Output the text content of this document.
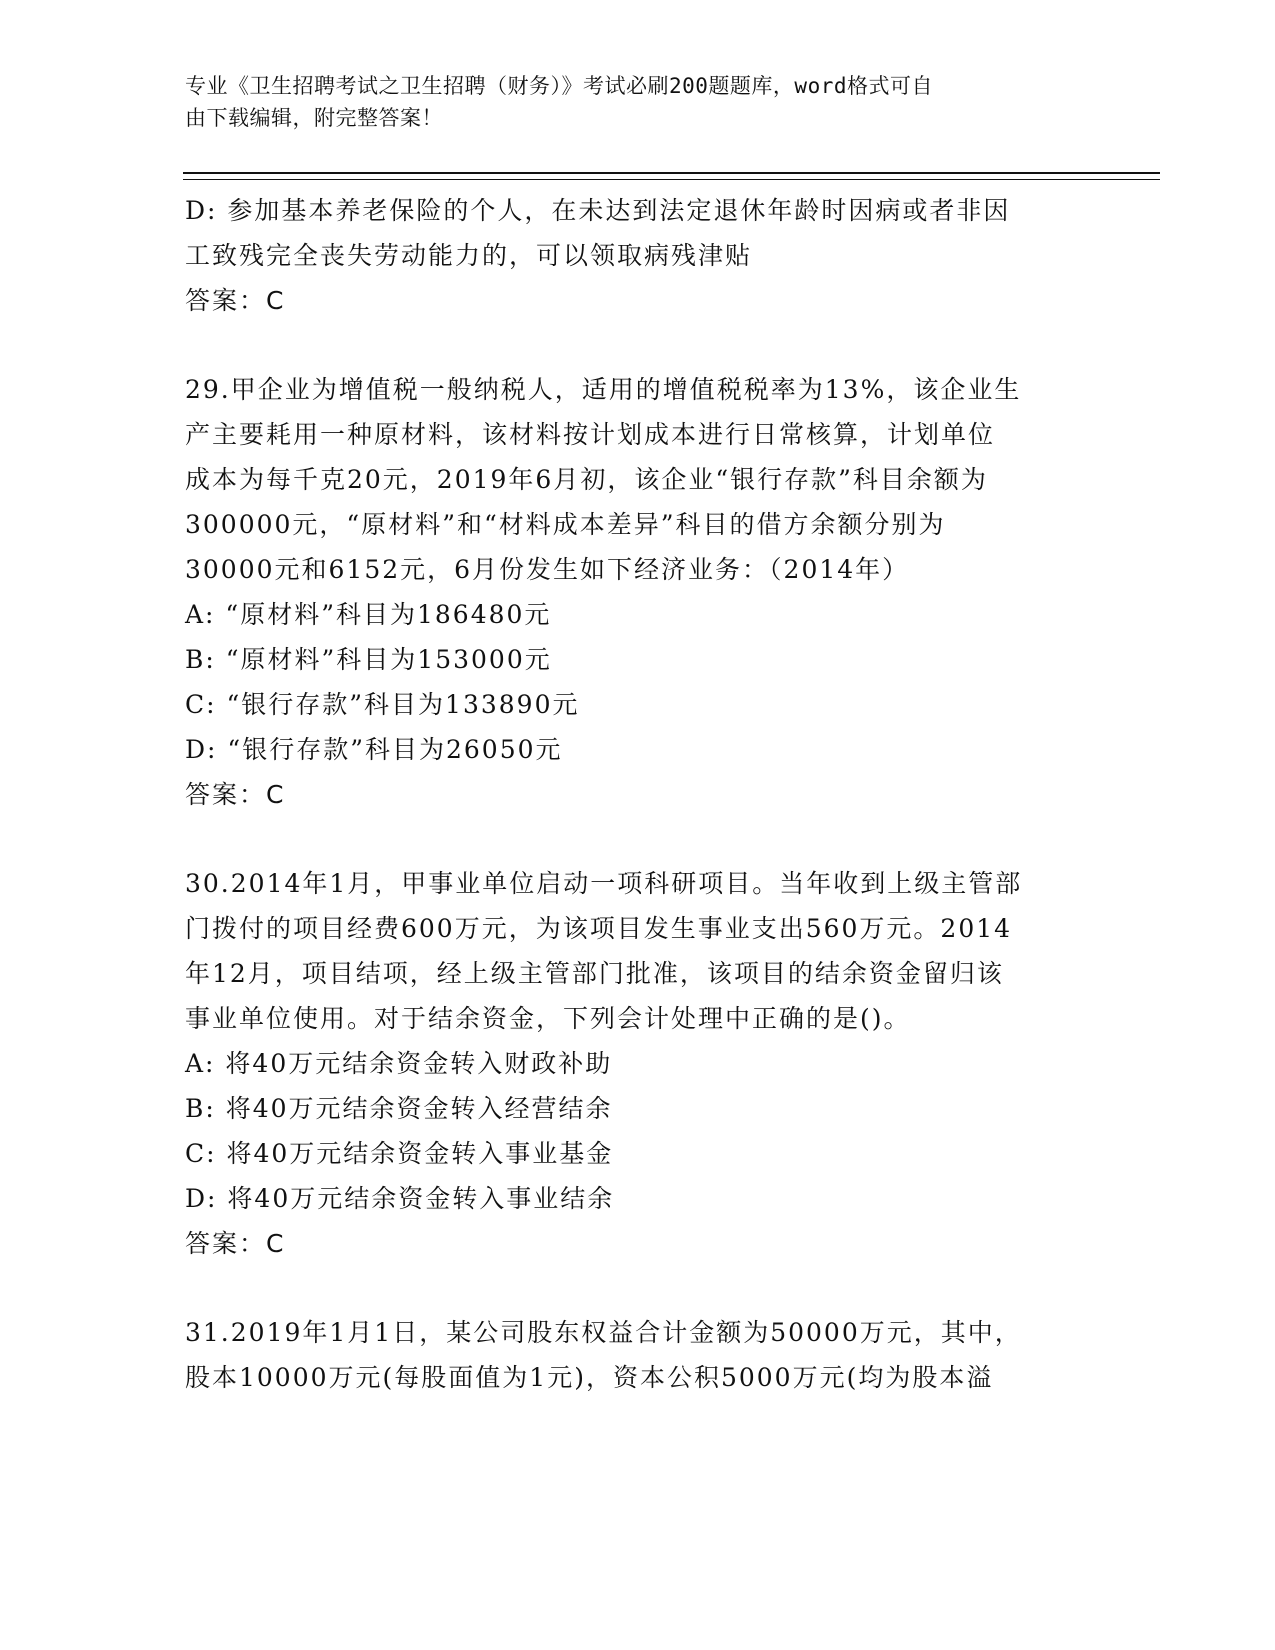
专业《卫生招聘考试之卫生招聘（财务）》考试必刷200题题库，word格式可自
由下载编辑，附完整答案！
D: 参加基本养老保险的个人，在未达到法定退休年龄时因病或者非因
工致残完全丧失劳动能力的，可以领取病残津贴
答案：C
29.甲企业为增值税一般纳税人，适用的增值税税率为13%，该企业生
产主要耗用一种原材料，该材料按计划成本进行日常核算，计划单位
成本为每千克20元，2019年6月初，该企业“银行存款”科目余额为
300000元，“原材料”和“材料成本差异”科目的借方余额分别为
30000元和6152元，6月份发生如下经济业务：（2014年）
A: “原材料”科目为186480元
B: “原材料”科目为153000元
C: “银行存款”科目为133890元
D: “银行存款”科目为26050元
答案：C
30.2014年1月，甲事业单位启动一项科研项目。当年收到上级主管部
门拨付的项目经费600万元，为该项目发生事业支出560万元。2014
年12月，项目结项，经上级主管部门批准，该项目的结余资金留归该
事业单位使用。对于结余资金，下列会计处理中正确的是()。
A: 将40万元结余资金转入财政补助
B: 将40万元结余资金转入经营结余
C: 将40万元结余资金转入事业基金
D: 将40万元结余资金转入事业结余
答案：C
31.2019年1月1日，某公司股东权益合计金额为50000万元，其中，
股本10000万元(每股面值为1元)，资本公积5000万元(均为股本溢
